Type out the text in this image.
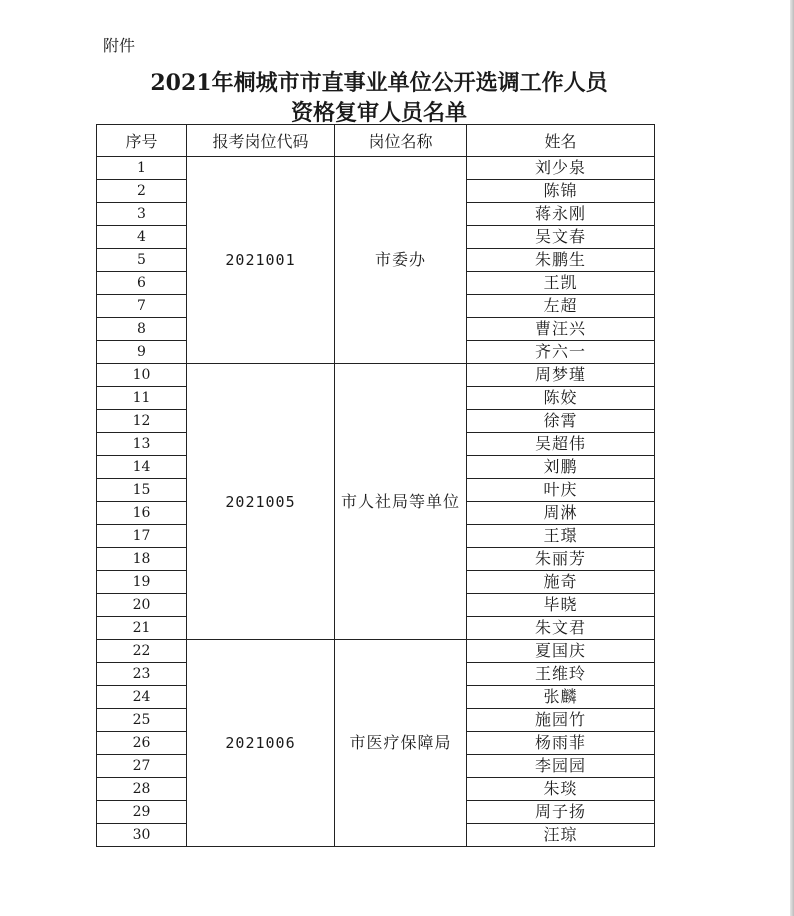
附件
2021年桐城市市直事业单位公开选调工作人员
资格复审人员名单
序号	报考岗位代码	岗位名称	姓名
1	2021001	市委办	刘少泉
2			陈锦
3			蒋永刚
4			吴文春
5			朱鹏生
6			王凯
7			左超
8			曹汪兴
9			齐六一
10	2021005	市人社局等单位	周梦瑾
11			陈姣
12			徐霄
13			吴超伟
14			刘鹏
15			叶庆
16			周淋
17			王璟
18			朱丽芳
19			施奇
20			毕晓
21			朱文君
22	2021006	市医疗保障局	夏国庆
23			王维玲
24			张麟
25			施园竹
26			杨雨菲
27			李园园
28			朱琰
29			周子扬
30			汪琼
